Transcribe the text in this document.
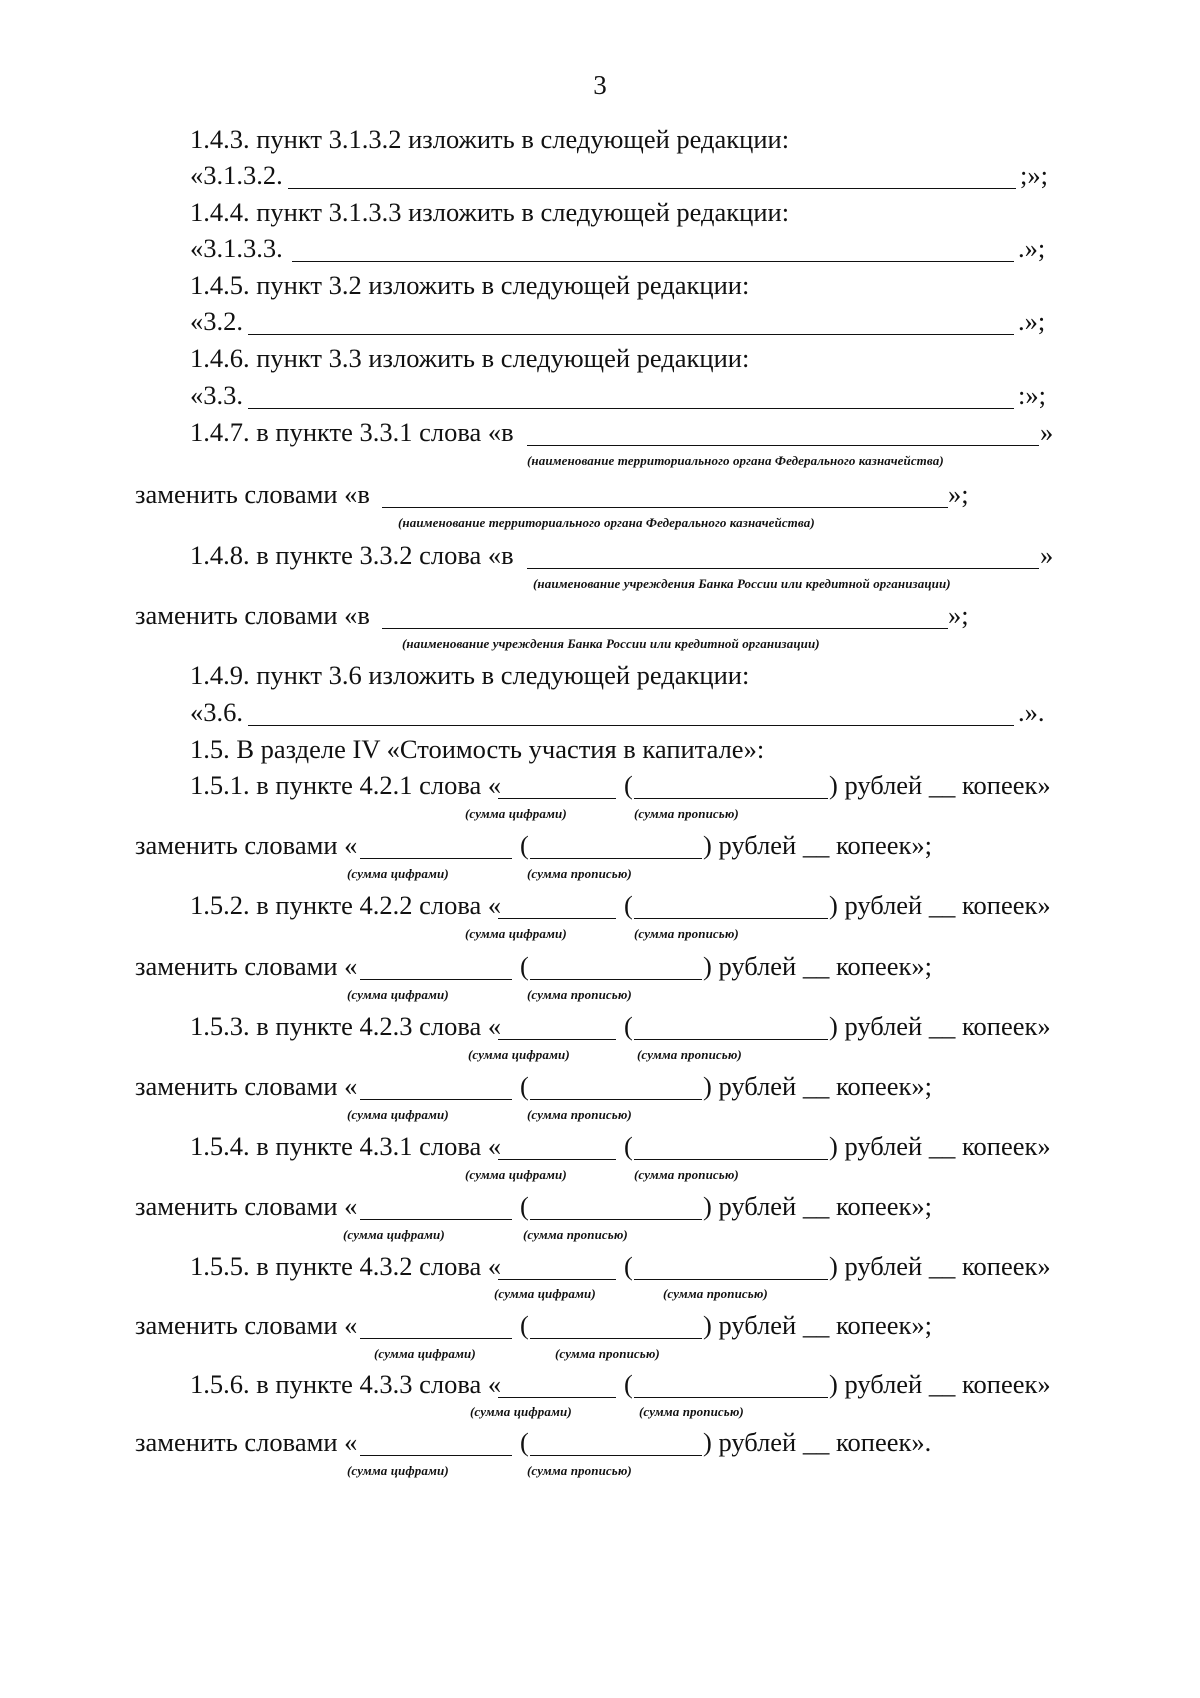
3
1.4.3. пункт 3.1.3.2 изложить в следующей редакции:
«3.1.3.2.	;»;
1.4.4. пункт 3.1.3.3 изложить в следующей редакции:
«3.1.3.3.	.»;
1.4.5. пункт 3.2 изложить в следующей редакции:
«3.2.	.»;
1.4.6. пункт 3.3 изложить в следующей редакции:
«3.3.	:»;
1.4.7. в пункте 3.3.1 слова «в	»
(наименование территориального органа Федерального казначейства)
заменить словами «в	»;
(наименование территориального органа Федерального казначейства)
1.4.8. в пункте 3.3.2 слова «в	»
(наименование учреждения Банка России или кредитной организации)
заменить словами «в	»;
(наименование учреждения Банка России или кредитной организации)
1.4.9. пункт 3.6 изложить в следующей редакции:
«3.6.	.».
1.5. В разделе IV «Стоимость участия в капитале»:
1.5.1. в пункте 4.2.1 слова «	(	) рублей __ копеек»
(сумма цифрами)	(сумма прописью)
заменить словами «	(	) рублей __ копеек»;
(сумма цифрами)	(сумма прописью)
1.5.2. в пункте 4.2.2 слова «	(	) рублей __ копеек»
(сумма цифрами)	(сумма прописью)
заменить словами «	(	) рублей __ копеек»;
(сумма цифрами)	(сумма прописью)
1.5.3. в пункте 4.2.3 слова «	(	) рублей __ копеек»
(сумма цифрами)	(сумма прописью)
заменить словами «	(	) рублей __ копеек»;
(сумма цифрами)	(сумма прописью)
1.5.4. в пункте 4.3.1 слова «	(	) рублей __ копеек»
(сумма цифрами)	(сумма прописью)
заменить словами «	(	) рублей __ копеек»;
(сумма цифрами)	(сумма прописью)
1.5.5. в пункте 4.3.2 слова «	(	) рублей __ копеек»
(сумма цифрами)	(сумма прописью)
заменить словами «	(	) рублей __ копеек»;
(сумма цифрами)	(сумма прописью)
1.5.6. в пункте 4.3.3 слова «	(	) рублей __ копеек»
(сумма цифрами)	(сумма прописью)
заменить словами «	(	) рублей __ копеек».
(сумма цифрами)	(сумма прописью)
